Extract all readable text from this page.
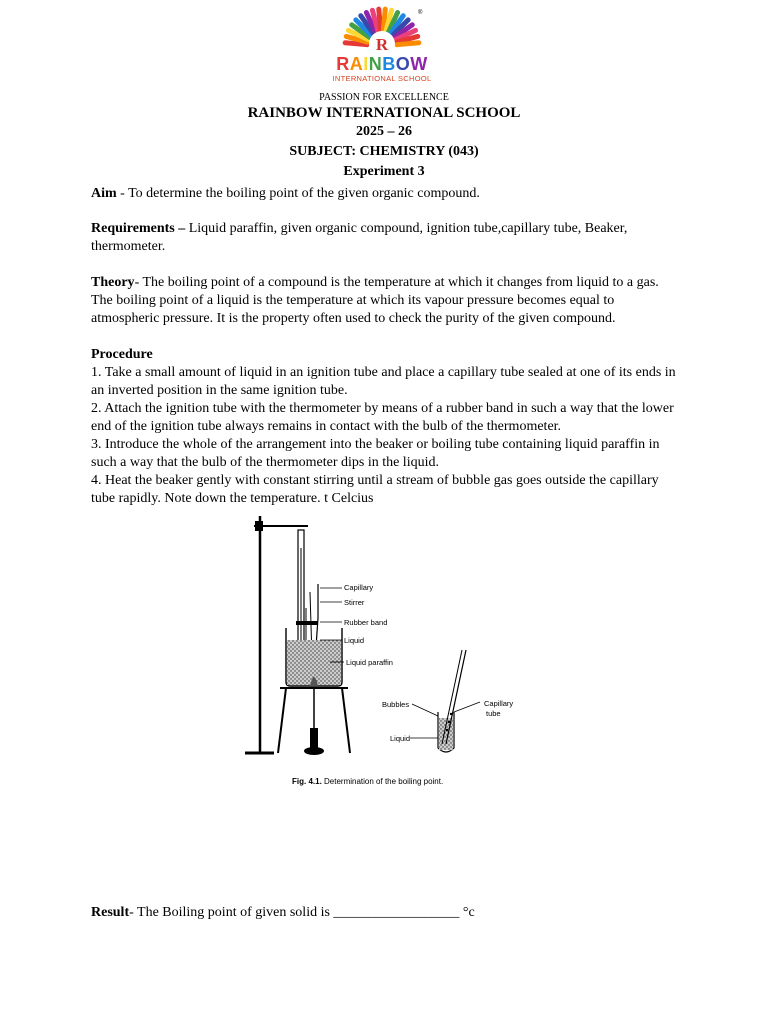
R
®
RAINBOW
INTERNATIONAL SCHOOL
PASSION FOR EXCELLENCE
RAINBOW INTERNATIONAL SCHOOL
2025 – 26
SUBJECT: CHEMISTRY (043)
Experiment 3
Aim - To determine the boiling point of the given organic compound.
Requirements – Liquid paraffin, given organic compound, ignition tube,capillary tube, Beaker, thermometer.
Theory- The boiling point of a compound is the temperature at which it changes from liquid to a gas. The boiling point of a liquid is the temperature at which its vapour pressure becomes equal to atmospheric pressure. It is the property often used to check the purity of the given compound.
Procedure
1. Take a small amount of liquid in an ignition tube and place a capillary tube sealed at one of its ends in an inverted position in the same ignition tube.
2. Attach the ignition tube with the thermometer by means of a rubber band in such a way that the lower end of the ignition tube always remains in contact with the bulb of the thermometer.
3. Introduce the whole of the arrangement into the beaker or boiling tube containing liquid paraffin in such a way that the bulb of the thermometer dips in the liquid.
4. Heat the beaker gently with constant stirring until a stream of bubble gas goes outside the capillary tube rapidly. Note down the temperature. t Celcius
Capillary
Stirrer
Rubber band
Liquid
Liquid paraffin
Bubbles	Capillary
tube
Liquid
Fig. 4.1. Determination of the boiling point.
Result- The Boiling point of given solid is __________________ °c
